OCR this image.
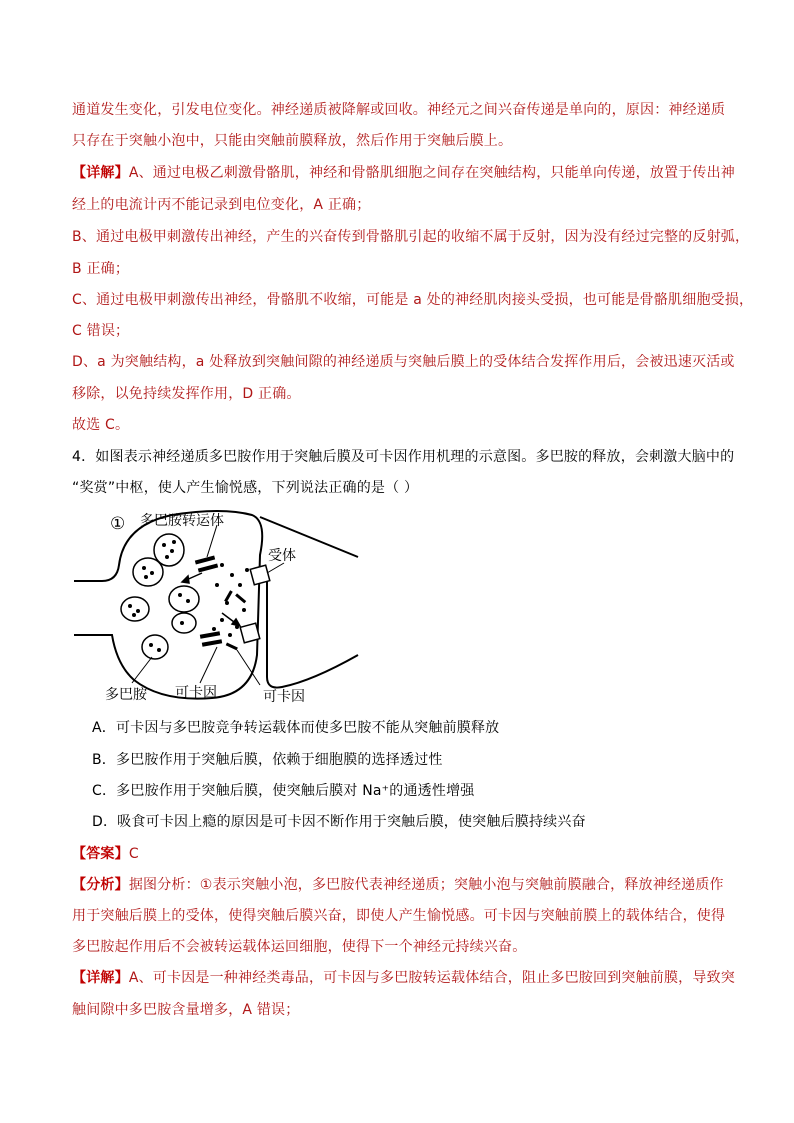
通道发生变化，引发电位变化。神经递质被降解或回收。神经元之间兴奋传递是单向的，原因：神经递质
只存在于突触小泡中，只能由突触前膜释放，然后作用于突触后膜上。
【详解】A、通过电极乙刺激骨骼肌，神经和骨骼肌细胞之间存在突触结构，只能单向传递，放置于传出神
经上的电流计丙不能记录到电位变化，A 正确；
B、通过电极甲刺激传出神经，产生的兴奋传到骨骼肌引起的收缩不属于反射，因为没有经过完整的反射弧，
B 正确；
C、通过电极甲刺激传出神经，骨骼肌不收缩，可能是 a 处的神经肌肉接头受损，也可能是骨骼肌细胞受损，
C 错误；
D、a 为突触结构，a 处释放到突触间隙的神经递质与突触后膜上的受体结合发挥作用后，会被迅速灭活或
移除，以免持续发挥作用，D 正确。
故选 C。
4．如图表示神经递质多巴胺作用于突触后膜及可卡因作用机理的示意图。多巴胺的释放，会刺激大脑中的
“奖赏”中枢，使人产生愉悦感，下列说法正确的是（ ）
① 多巴胺转运体
受体
多巴胺 可卡因	可卡因
A．可卡因与多巴胺竞争转运载体而使多巴胺不能从突触前膜释放
B．多巴胺作用于突触后膜，依赖于细胞膜的选择透过性
C．多巴胺作用于突触后膜，使突触后膜对 Na⁺的通透性增强
D．吸食可卡因上瘾的原因是可卡因不断作用于突触后膜，使突触后膜持续兴奋
【答案】C
【分析】据图分析：①表示突触小泡，多巴胺代表神经递质；突触小泡与突触前膜融合，释放神经递质作
用于突触后膜上的受体，使得突触后膜兴奋，即使人产生愉悦感。可卡因与突触前膜上的载体结合，使得
多巴胺起作用后不会被转运载体运回细胞，使得下一个神经元持续兴奋。
【详解】A、可卡因是一种神经类毒品，可卡因与多巴胺转运载体结合，阻止多巴胺回到突触前膜，导致突
触间隙中多巴胺含量增多，A 错误；
